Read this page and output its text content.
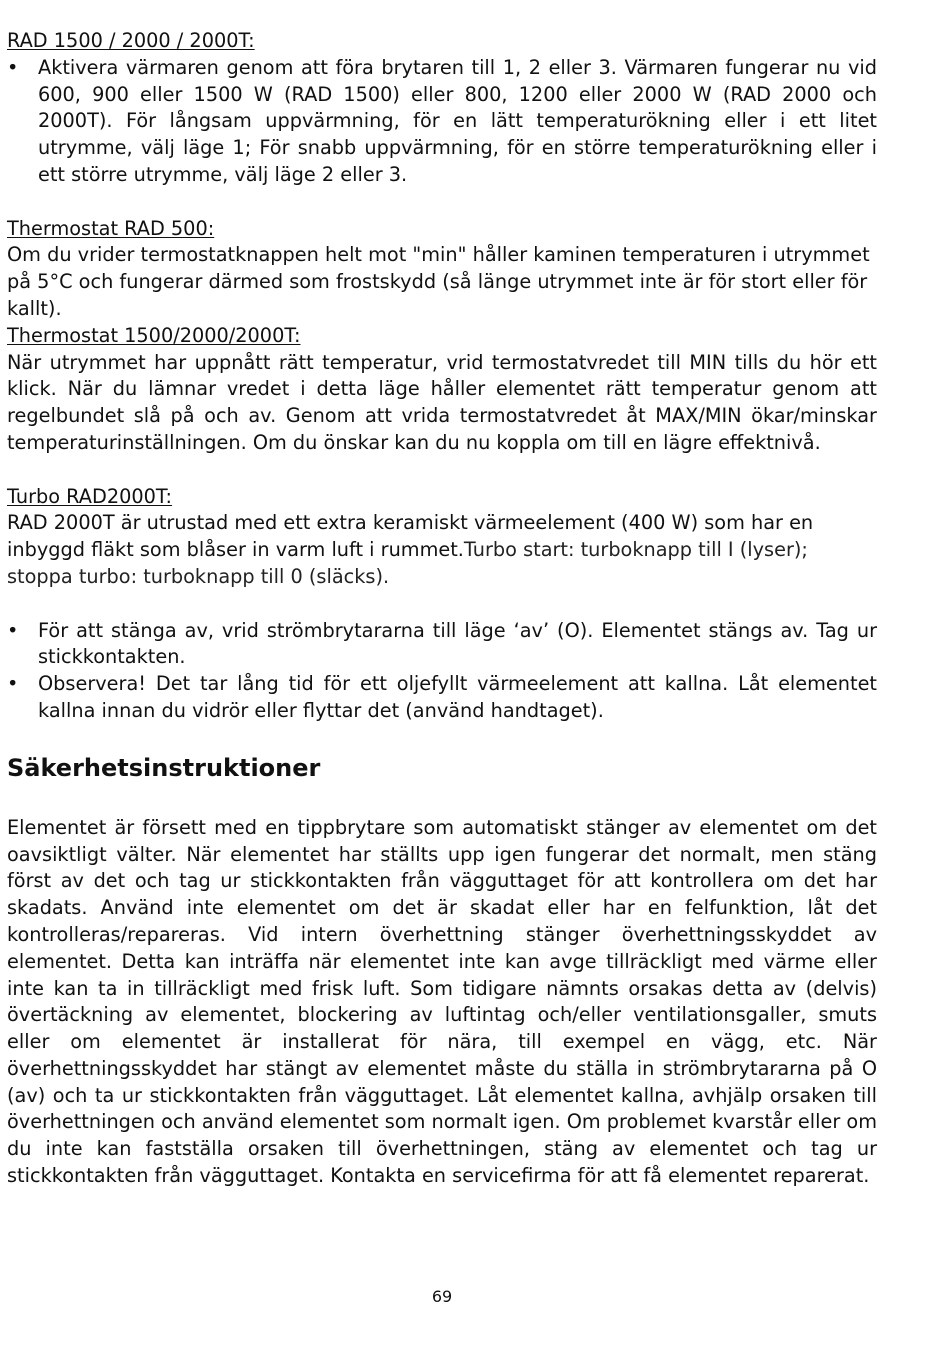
RAD 1500 / 2000 / 2000T:

•	Aktivera värmaren genom att föra brytaren till 1, 2 eller 3. Värmaren fungerar nu vid 600, 900 eller 1500 W (RAD 1500) eller 800, 1200 eller 2000 W (RAD 2000 och 2000T). För långsam uppvärmning, för en lätt temperaturökning eller i ett litet utrymme, välj läge 1; För snabb uppvärmning, för en större temperaturökning eller i ett större utrymme, välj läge 2 eller 3.

Thermostat RAD 500:

Om du vrider termostatknappen helt mot "min" håller kaminen temperaturen i utrymmet på 5°C och fungerar därmed som frostskydd (så länge utrymmet inte är för stort eller för kallt).

Thermostat 1500/2000/2000T:

När utrymmet har uppnått rätt temperatur, vrid termostatvredet till MIN tills du hör ett klick. När du lämnar vredet i detta läge håller elementet rätt temperatur genom att regelbundet slå på och av. Genom att vrida termostatvredet åt MAX/MIN ökar/minskar temperaturinställningen. Om du önskar kan du nu koppla om till en lägre effektnivå.

Turbo RAD2000T:

RAD 2000T är utrustad med ett extra keramiskt värmeelement (400 W) som har en inbyggd fläkt som blåser in varm luft i rummet.Turbo start: turboknapp till I (lyser); stoppa turbo: turboknapp till 0 (släcks).

•	För att stänga av, vrid strömbrytararna till läge ‘av’ (O). Elementet stängs av. Tag ur stickkontakten.
•	Observera! Det tar lång tid för ett oljefyllt värmeelement att kallna. Låt elementet kallna innan du vidrör eller flyttar det (använd handtaget).
Säkerhetsinstruktioner

Elementet är försett med en tippbrytare som automatiskt stänger av elementet om det oavsiktligt välter. När elementet har ställts upp igen fungerar det normalt, men stäng först av det och tag ur stickkontakten från vägguttaget för att kontrollera om det har skadats. Använd inte elementet om det är skadat eller har en felfunktion, låt det kontrolleras/repareras. Vid intern överhettning stänger överhettningsskyddet av elementet. Detta kan inträffa när elementet inte kan avge tillräckligt med värme eller inte kan ta in tillräckligt med frisk luft. Som tidigare nämnts orsakas detta av (delvis) övertäckning av elementet, blockering av luftintag och/eller ventilationsgaller, smuts eller om elementet är installerat för nära, till exempel en vägg, etc. När överhettningsskyddet har stängt av elementet måste du ställa in strömbrytararna på O (av) och ta ur stickkontakten från vägguttaget. Låt elementet kallna, avhjälp orsaken till överhettningen och använd elementet som normalt igen. Om problemet kvarstår eller om du inte kan fastställa orsaken till överhettningen, stäng av elementet och tag ur stickkontakten från vägguttaget. Kontakta en servicefirma för att få elementet reparerat.

69
